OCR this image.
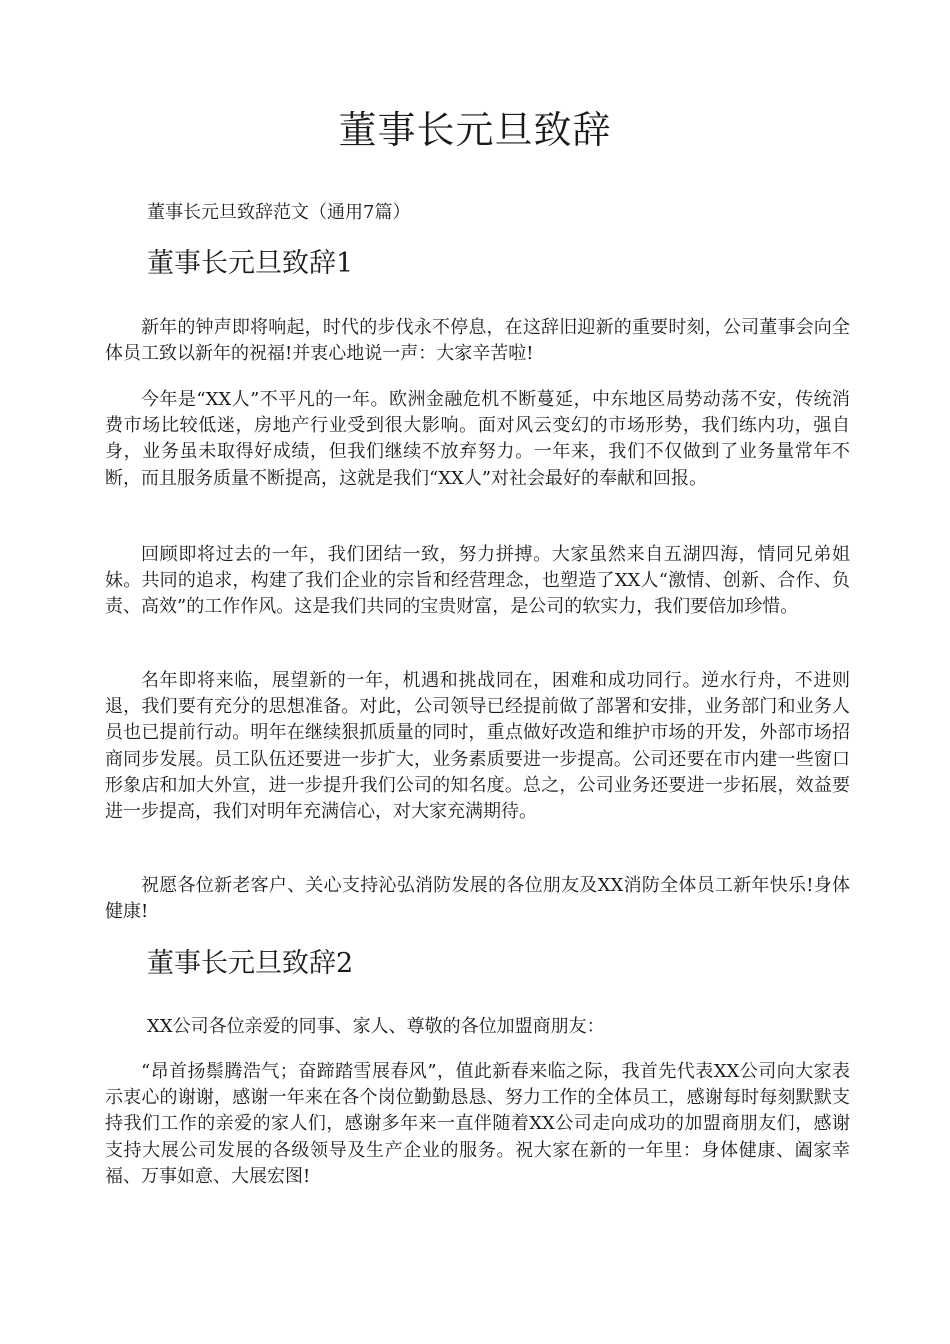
董事长元旦致辞

董事长元旦致辞范文（通用7篇）

董事长元旦致辞1

新年的钟声即将响起，时代的步伐永不停息，在这辞旧迎新的重要时刻，公司董事会向全体员工致以新年的祝福!并衷心地说一声：大家辛苦啦!

今年是“XX人”不平凡的一年。欧洲金融危机不断蔓延，中东地区局势动荡不安，传统消费市场比较低迷，房地产行业受到很大影响。面对风云变幻的市场形势，我们练内功，强自身，业务虽未取得好成绩，但我们继续不放弃努力。一年来，我们不仅做到了业务量常年不断，而且服务质量不断提高，这就是我们“XX人”对社会最好的奉献和回报。

回顾即将过去的一年，我们团结一致，努力拼搏。大家虽然来自五湖四海，情同兄弟姐妹。共同的追求，构建了我们企业的宗旨和经营理念，也塑造了XX人“激情、创新、合作、负责、高效”的工作作风。这是我们共同的宝贵财富，是公司的软实力，我们要倍加珍惜。

名年即将来临，展望新的一年，机遇和挑战同在，困难和成功同行。逆水行舟，不进则退，我们要有充分的思想准备。对此，公司领导已经提前做了部署和安排，业务部门和业务人员也已提前行动。明年在继续狠抓质量的同时，重点做好改造和维护市场的开发，外部市场招商同步发展。员工队伍还要进一步扩大，业务素质要进一步提高。公司还要在市内建一些窗口形象店和加大外宣，进一步提升我们公司的知名度。总之，公司业务还要进一步拓展，效益要进一步提高，我们对明年充满信心，对大家充满期待。

祝愿各位新老客户、关心支持沁弘消防发展的各位朋友及XX消防全体员工新年快乐!身体健康!

董事长元旦致辞2

XX公司各位亲爱的同事、家人、尊敬的各位加盟商朋友：

“昂首扬鬃腾浩气；奋蹄踏雪展春风”，值此新春来临之际，我首先代表XX公司向大家表示衷心的谢谢，感谢一年来在各个岗位勤勤恳恳、努力工作的全体员工，感谢每时每刻默默支持我们工作的亲爱的家人们，感谢多年来一直伴随着XX公司走向成功的加盟商朋友们，感谢支持大展公司发展的各级领导及生产企业的服务。祝大家在新的一年里：身体健康、阖家幸福、万事如意、大展宏图!
